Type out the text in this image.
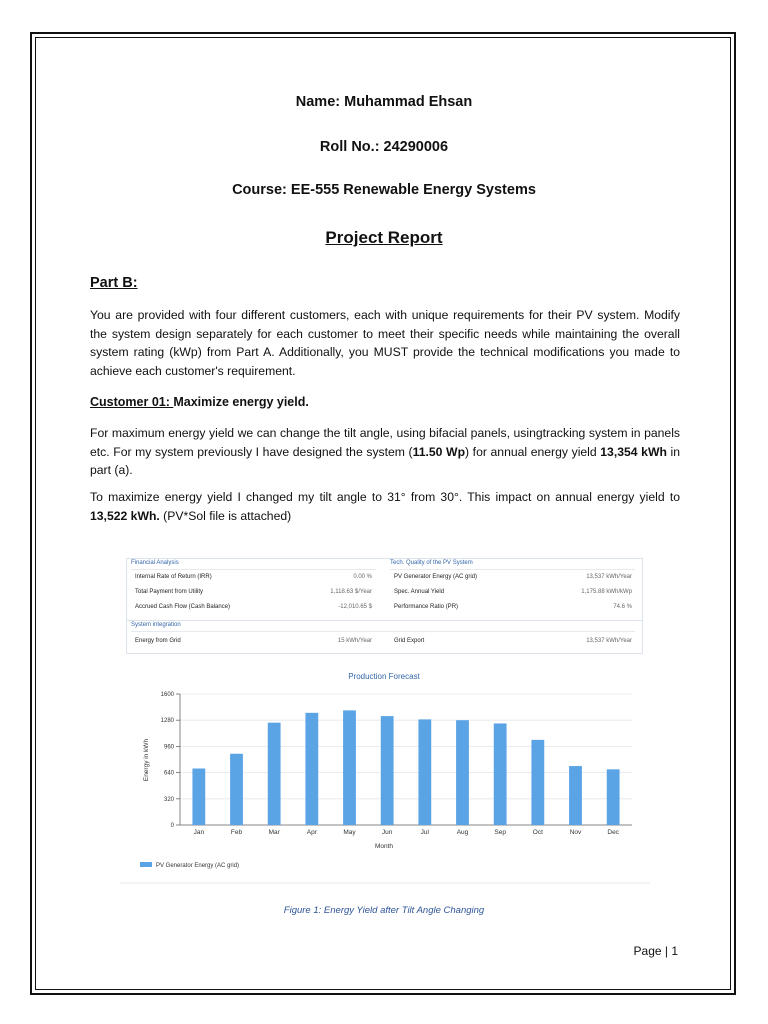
Name: Muhammad Ehsan
Roll No.: 24290006
Course: EE-555 Renewable Energy Systems
Project Report
Part B:
You are provided with four different customers, each with unique requirements for their PV system. Modify the system design separately for each customer to meet their specific needs while maintaining the overall system rating (kWp) from Part A. Additionally, you MUST provide the technical modifications you made to achieve each customer's requirement.
Customer 01: Maximize energy yield.
For maximum energy yield we can change the tilt angle, using bifacial panels, usingtracking system in panels etc. For my system previously I have designed the system (11.50 Wp) for annual energy yield 13,354 kWh in part (a).
To maximize energy yield I changed my tilt angle to 31° from 30°. This impact on annual energy yield to 13,522 kWh. (PV*Sol file is attached)
Financial Analysis
Internal Rate of Return (IRR)	0.00 %
Total Payment from Utility	1,118.63 $/Year
Accrued Cash Flow (Cash Balance)	-12,010.65 $
Tech. Quality of the PV System
PV Generator Energy (AC grid)	13,537 kWh/Year
Spec. Annual Yield	1,175.88 kWh/kWp
Performance Ratio (PR)	74.6 %
System integration
Energy from Grid	15 kWh/Year	Grid Export	13,537 kWh/Year
Production Forecast
Month
Energy in kWh
PV Generator Energy (AC grid)
Jan	Feb	Mar	Apr	May	Jun	Jul	Aug	Sep	Oct	Nov	Dec
0
320
640
960
1280
1600
Figure 1: Energy Yield after Tilt Angle Changing
Page | 1
